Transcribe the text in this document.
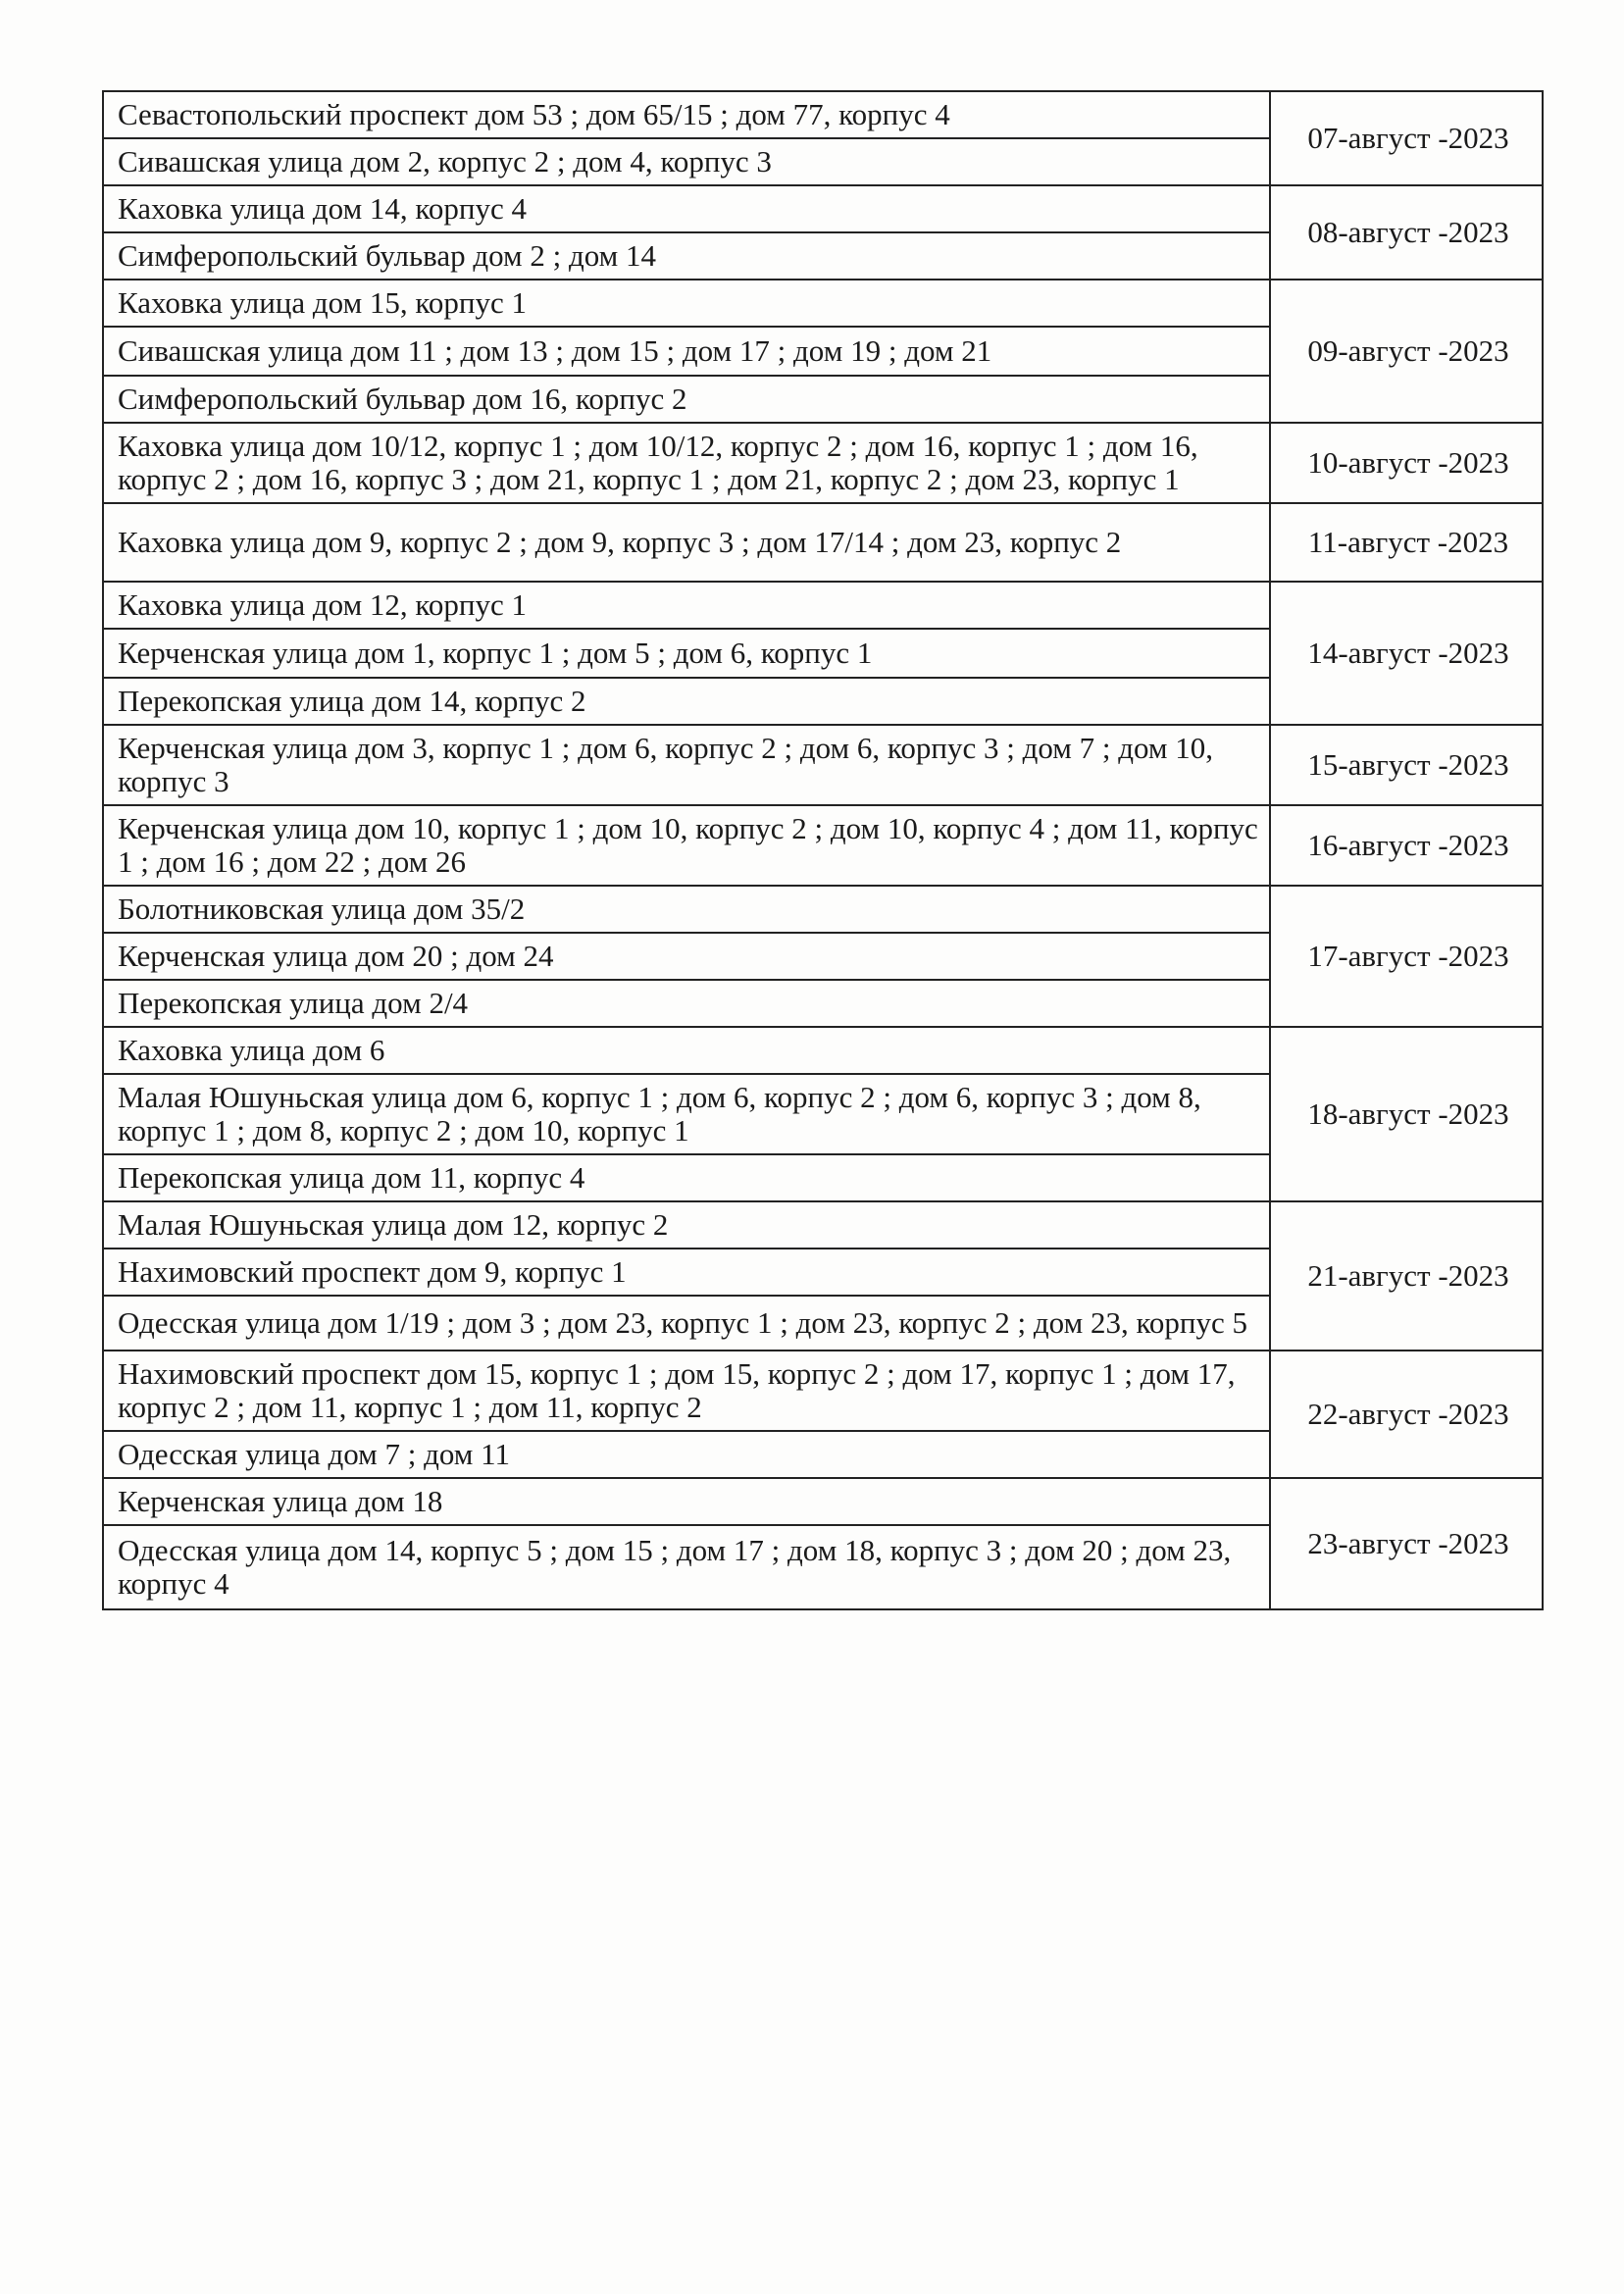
Севастопольский проспект дом 53 ; дом 65/15 ; дом 77, корпус 4	07-август -2023
Сивашская улица дом 2, корпус 2 ; дом 4, корпус 3	
Каховка улица дом 14, корпус 4	08-август -2023
Симферопольский бульвар дом 2 ; дом 14	
Каховка улица дом 15, корпус 1	09-август -2023
Сивашская улица дом 11 ; дом 13 ; дом 15 ; дом 17 ; дом 19 ; дом 21	
Симферопольский бульвар дом 16, корпус 2	
Каховка улица дом 10/12, корпус 1 ; дом 10/12, корпус 2 ; дом 16, корпус 1 ; дом 16, корпус 2 ; дом 16, корпус 3 ; дом 21, корпус 1 ; дом 21, корпус 2 ; дом 23, корпус 1	10-август -2023
Каховка улица дом 9, корпус 2 ; дом 9, корпус 3 ; дом 17/14 ; дом 23, корпус 2	11-август -2023
Каховка улица дом 12, корпус 1	14-август -2023
Керченская улица дом 1, корпус 1 ; дом 5 ; дом 6, корпус 1	
Перекопская улица дом 14, корпус 2	
Керченская улица дом 3, корпус 1 ; дом 6, корпус 2 ; дом 6, корпус 3 ; дом 7 ; дом 10, корпус 3	15-август -2023
Керченская улица дом 10, корпус 1 ; дом 10, корпус 2 ; дом 10, корпус 4 ; дом 11, корпус 1 ; дом 16 ; дом 22 ; дом 26	16-август -2023
Болотниковская улица дом 35/2	17-август -2023
Керченская улица дом 20 ; дом 24	
Перекопская улица дом 2/4	
Каховка улица дом 6	18-август -2023
Малая Юшуньская улица дом 6, корпус 1 ; дом 6, корпус 2 ; дом 6, корпус 3 ; дом 8, корпус 1 ; дом 8, корпус 2 ; дом 10, корпус 1	
Перекопская улица дом 11, корпус 4	
Малая Юшуньская улица дом 12, корпус 2	21-август -2023
Нахимовский проспект дом 9, корпус 1	
Одесская улица дом 1/19 ; дом 3 ; дом 23, корпус 1 ; дом 23, корпус 2 ; дом 23, корпус 5	
Нахимовский проспект дом 15, корпус 1 ; дом 15, корпус 2 ; дом 17, корпус 1 ; дом 17, корпус 2 ; дом 11, корпус 1 ; дом 11, корпус 2	22-август -2023
Одесская улица дом 7 ; дом 11	
Керченская улица дом 18	23-август -2023
Одесская улица дом 14, корпус 5 ; дом 15 ; дом 17 ; дом 18, корпус 3 ; дом 20 ; дом 23, корпус 4	
